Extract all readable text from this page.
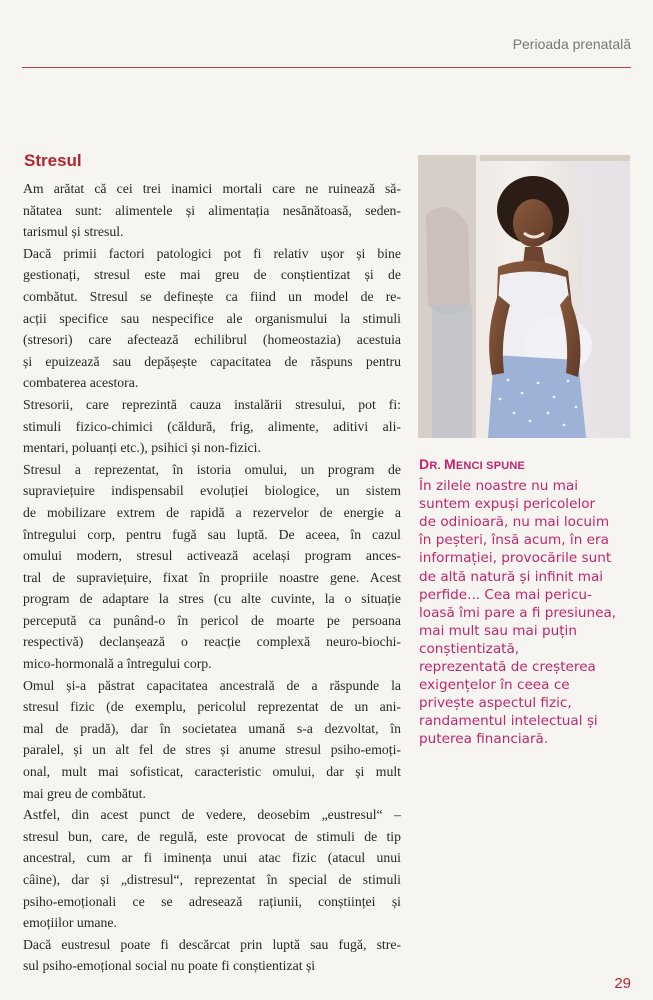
Perioada prenatală
Stresul

Am arătat că cei trei inamici mortali care ne ruinează să-
nătatea sunt: alimentele și alimentația nesănătoasă, seden-
tarismul și stresul.

Dacă primii factori patologici pot fi relativ ușor și bine
gestionați, stresul este mai greu de conștientizat și de
combătut. Stresul se definește ca fiind un model de re-
acții specifice sau nespecifice ale organismului la stimuli
(stresori) care afectează echilibrul (homeostazia) acestuia
și epuizează sau depășește capacitatea de răspuns pentru
combaterea acestora.

Stresorii, care reprezintă cauza instalării stresului, pot fi:
stimuli fizico-chimici (căldură, frig, alimente, aditivi ali-
mentari, poluanți etc.), psihici și non-fizici.

Stresul a reprezentat, în istoria omului, un program de
supraviețuire indispensabil evoluției biologice, un sistem
de mobilizare extrem de rapidă a rezervelor de energie a
întregului corp, pentru fugă sau luptă. De aceea, în cazul
omului modern, stresul activează același program ances-
tral de supraviețuire, fixat în propriile noastre gene. Acest
program de adaptare la stres (cu alte cuvinte, la o situație
percepută ca punând-o în pericol de moarte pe persoana
respectivă) declanșează o reacție complexă neuro-biochi-
mico-hormonală a întregului corp.

Omul și-a păstrat capacitatea ancestrală de a răspunde la
stresul fizic (de exemplu, pericolul reprezentat de un ani-
mal de pradă), dar în societatea umană s-a dezvoltat, în
paralel, și un alt fel de stres și anume stresul psiho-emoți-
onal, mult mai sofisticat, caracteristic omului, dar și mult
mai greu de combătut.

Astfel, din acest punct de vedere, deosebim „eustresul“ –
stresul bun, care, de regulă, este provocat de stimuli de tip
ancestral, cum ar fi iminența unui atac fizic (atacul unui
câine), dar și „distresul“, reprezentat în special de stimuli
psiho-emoționali ce se adresează rațiunii, conștiinței și
emoțiilor umane.

Dacă eustresul poate fi descărcat prin luptă sau fugă, stre-
sul psiho-emoțional social nu poate fi conștientizat și

DR. MENCI SPUNE
În zilele noastre nu mai
suntem expuși pericolelor
de odinioară, nu mai locuim
în peșteri, însă acum, în era
informației, provocările sunt
de altă natură și infinit mai
perfide... Cea mai pericu-
loasă îmi pare a fi presiunea,
mai mult sau mai puțin
conștientizată,
reprezentată de creșterea
exigențelor în ceea ce
privește aspectul fizic,
randamentul intelectual și
puterea financiară.
29
